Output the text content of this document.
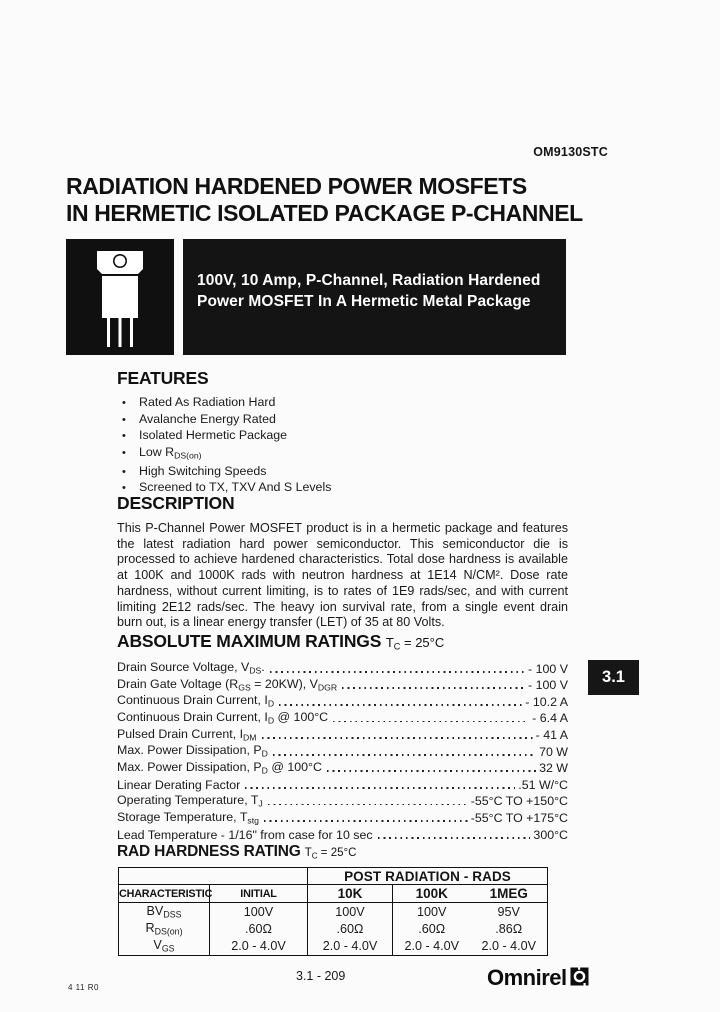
OM9130STC
RADIATION HARDENED POWER MOSFETS
IN HERMETIC ISOLATED PACKAGE P-CHANNEL
100V, 10 Amp, P-Channel, Radiation Hardened
Power MOSFET In A Hermetic Metal Package
FEATURES
• Rated As Radiation Hard
• Avalanche Energy Rated
• Isolated Hermetic Package
• Low $R_{DS(on)}$
• High Switching Speeds
• Screened to TX, TXV And S Levels
DESCRIPTION
This P-Channel Power MOSFET product is in a hermetic package and features the latest radiation hard power semiconductor. This semiconductor die is processed to achieve hardened characteristics. Total dose hardness is available at 100K and 1000K rads with neutron hardness at 1E14 N/CM². Dose rate hardness, without current limiting, is to rates of 1E9 rads/sec, and with current limiting 2E12 rads/sec. The heavy ion survival rate, from a single event drain burn out, is a linear energy transfer (LET) of 35 at 80 Volts.
ABSOLUTE MAXIMUM RATINGS $T_C = 25^\circ C$
Drain Source Voltage, $V_{DS}$.	- 100 V
Drain Gate Voltage $(R_{GS} = 20KW)$, $V_{DGR}$	- 100 V
Continuous Drain Current, $I_D$	- 10.2 A
Continuous Drain Current, $I_D$ @ 100°C	- 6.4 A
Pulsed Drain Current, $I_{DM}$	- 41 A
Max. Power Dissipation, $P_D$	70 W
Max. Power Dissipation, $P_D$ @ 100°C	32 W
Linear Derating Factor	.51 W/°C
Operating Temperature, $T_J$	-55°C TO +150°C
Storage Temperature, $T_{stg}$	-55°C TO +175°C
Lead Temperature - 1/16" from case for 10 sec	300°C
3.1
RAD HARDNESS RATING $T_C = 25^\circ C$
		POST RADIATION - RADS		
CHARACTERISTIC	INITIAL	10K	100K	1MEG
$BV_{DSS}$	100V	100V	100V	95V
$R_{DS(on)}$	.60Ω	.60Ω	.60Ω	.86Ω
$V_{GS}$	2.0 - 4.0V	2.0 - 4.0V	2.0 - 4.0V	2.0 - 4.0V
4 11 R0
3.1 - 209	Omnirel
